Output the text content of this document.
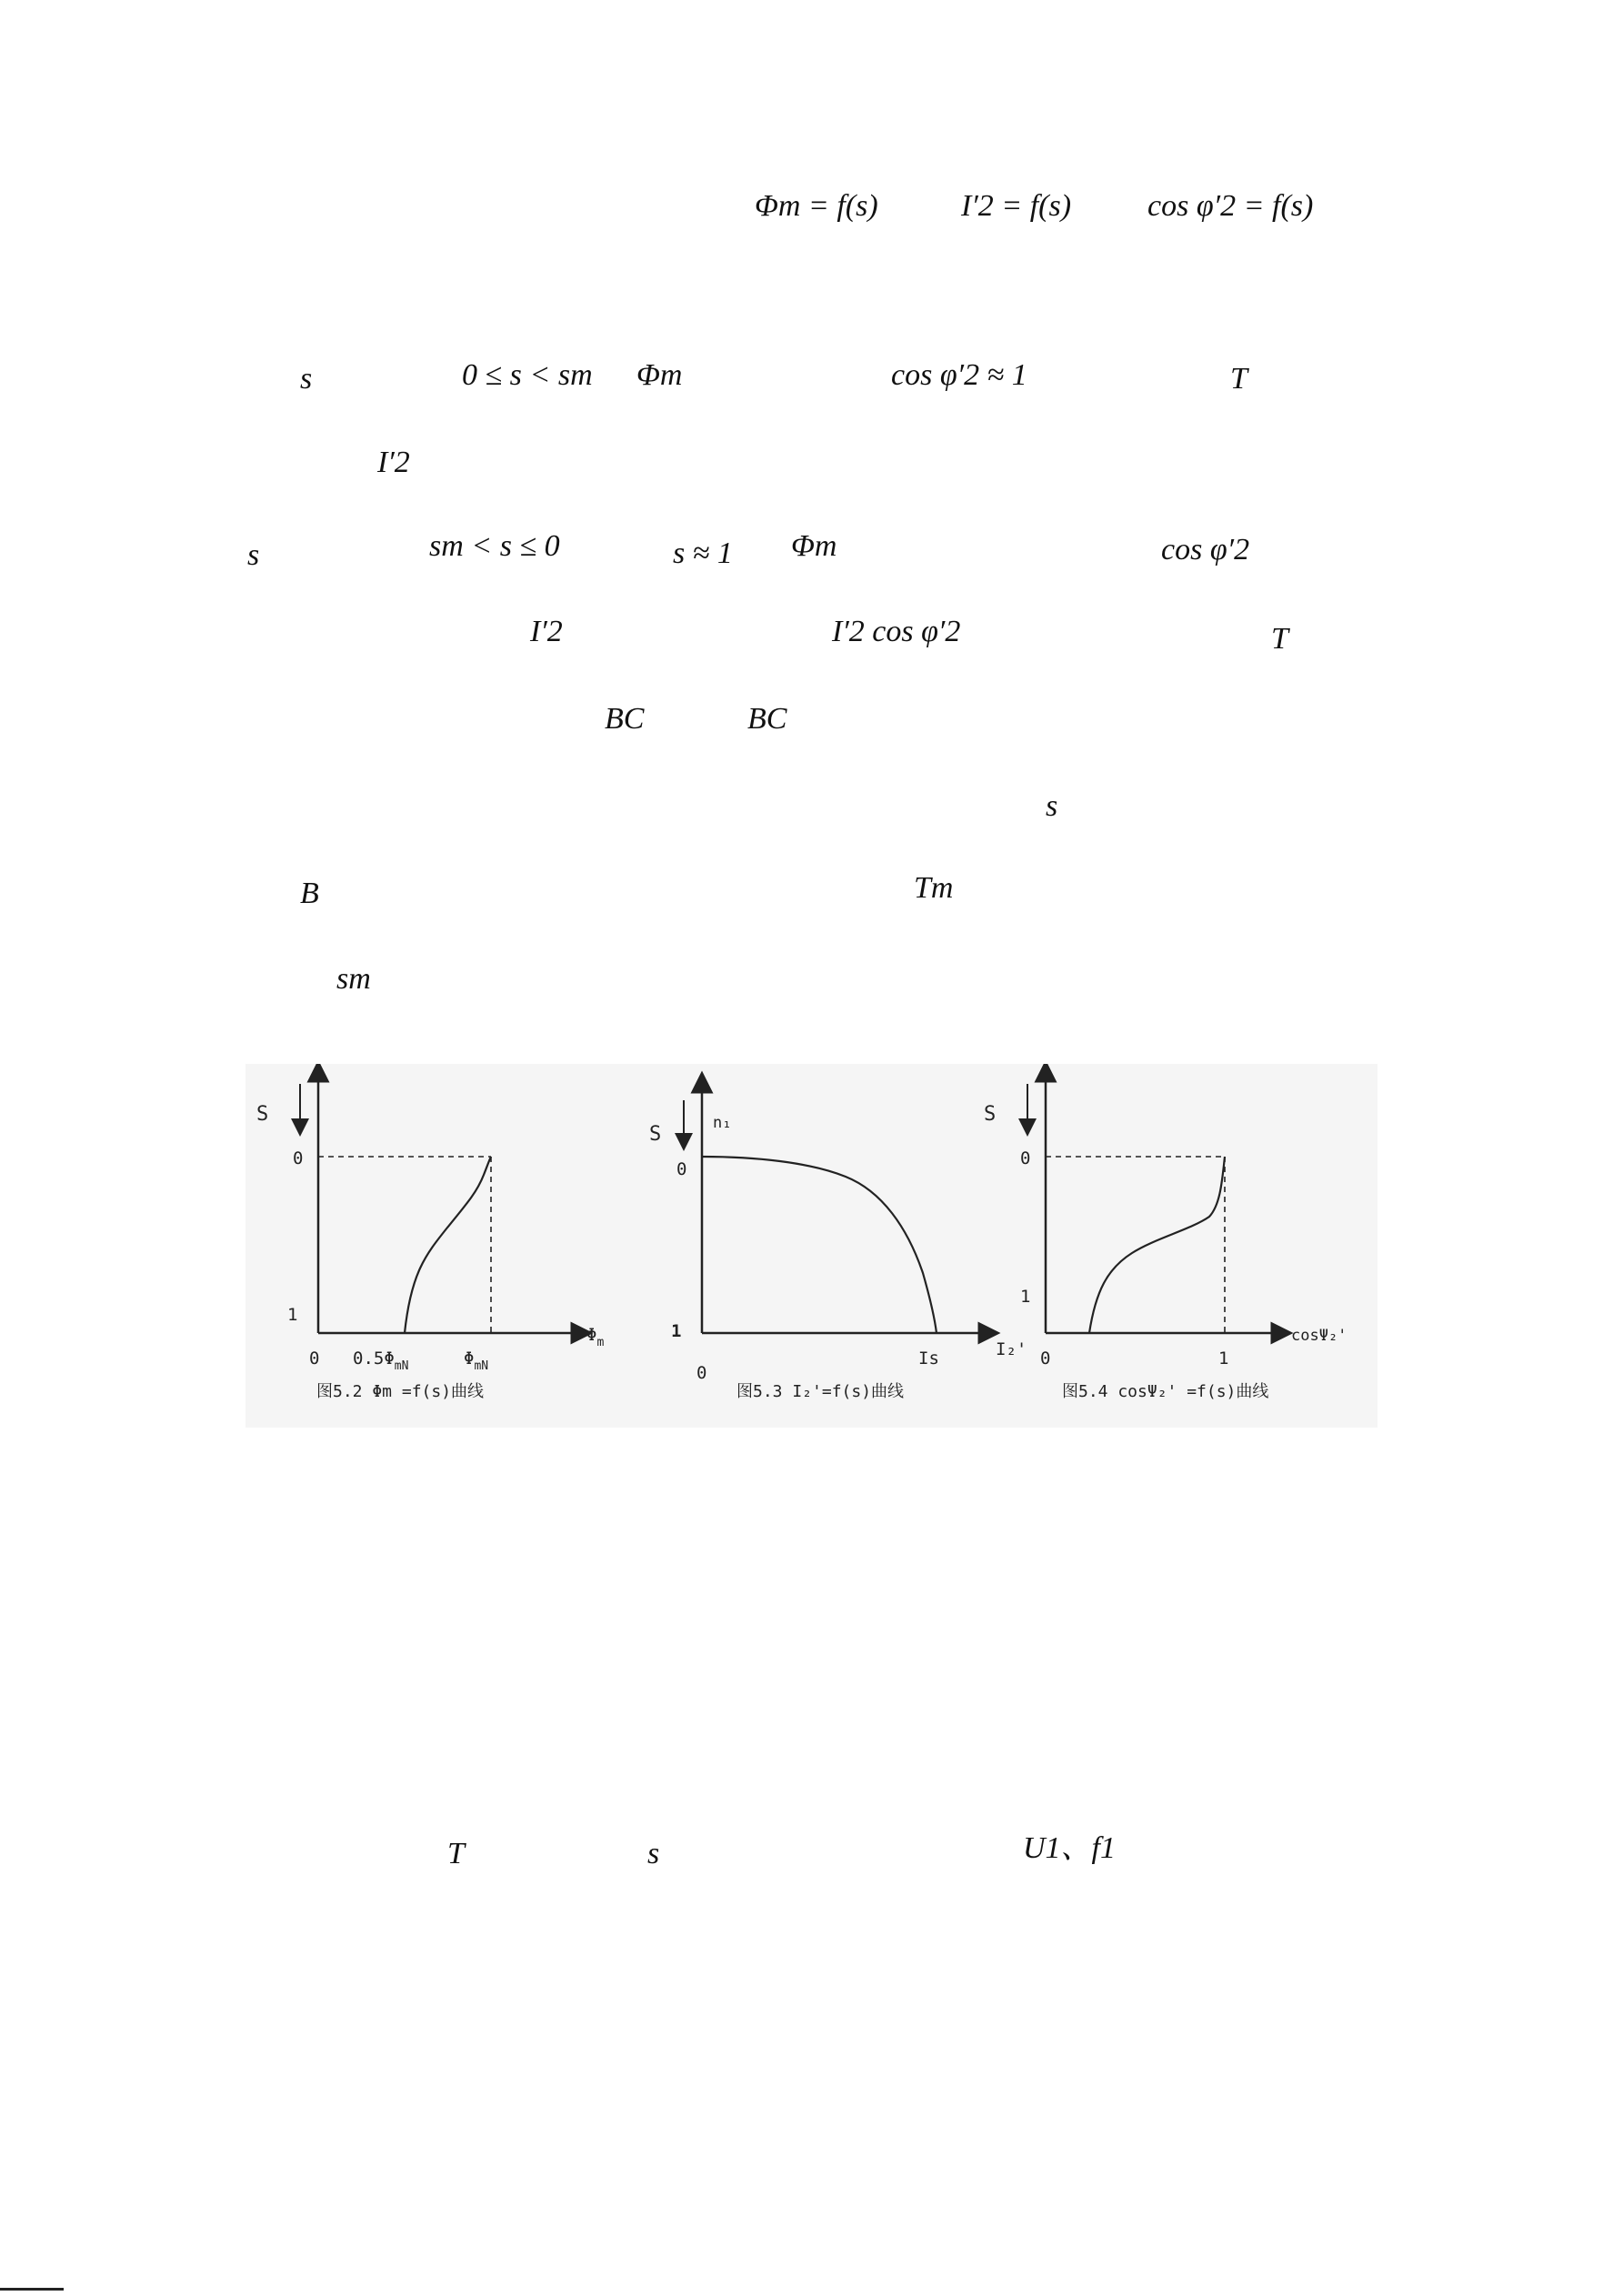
Φm = f(s)	I′2 = f(s) cos φ′2 = f(s)
s	0 ≤ s < sm Φm	cos φ′2 ≈ 1	T
I′2
s	sm < s ≤ 0	s ≈ 1 Φm	cos φ′2
I′2	I′2 cos φ′2	T
BC	BC
s
B	Tm
sm
T	s	U1、f1
S
0
1
0 $0.5\Phi_{mN}$	$\Phi_{mN}$
$\Phi_m$
图5.2 Φm =f(s)曲线
S	n₁
0
1
0
Is	I₂'
图5.3 I₂'=f(s)曲线
S
0
1
0	1
cosΨ₂'
图5.4 cosΨ₂' =f(s)曲线
